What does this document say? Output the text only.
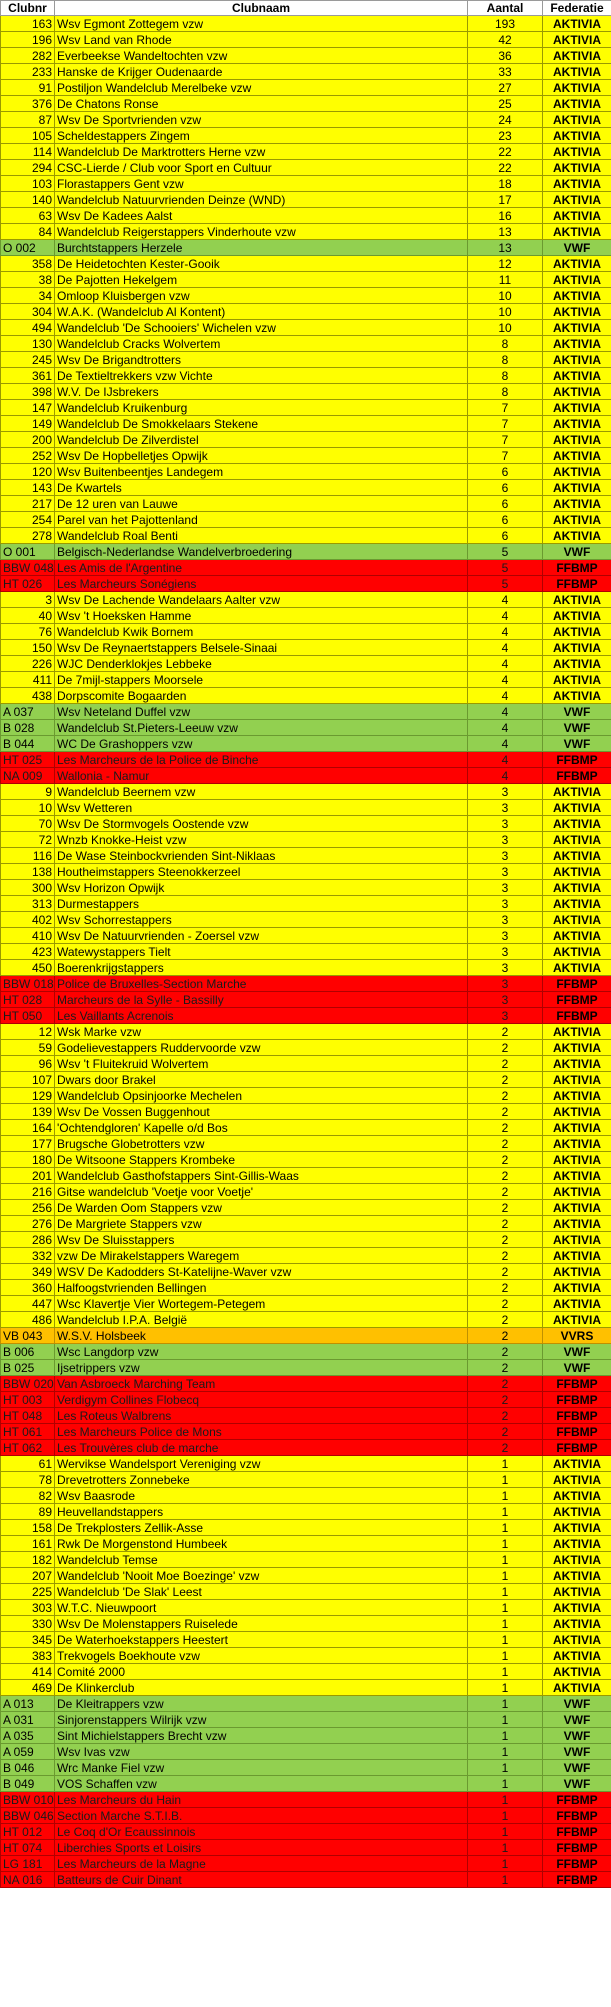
Clubnr	Clubnaam	Aantal	Federatie
163	Wsv Egmont Zottegem vzw	193	AKTIVIA
196	Wsv Land van Rhode	42	AKTIVIA
282	Everbeekse Wandeltochten vzw	36	AKTIVIA
233	Hanske de Krijger Oudenaarde	33	AKTIVIA
91	Postiljon Wandelclub Merelbeke vzw	27	AKTIVIA
376	De Chatons Ronse	25	AKTIVIA
87	Wsv De Sportvrienden vzw	24	AKTIVIA
105	Scheldestappers Zingem	23	AKTIVIA
114	Wandelclub De Marktrotters Herne vzw	22	AKTIVIA
294	CSC-Lierde / Club voor Sport en Cultuur	22	AKTIVIA
103	Florastappers Gent vzw	18	AKTIVIA
140	Wandelclub Natuurvrienden Deinze (WND)	17	AKTIVIA
63	Wsv De Kadees Aalst	16	AKTIVIA
84	Wandelclub Reigerstappers Vinderhoute vzw	13	AKTIVIA
O 002	Burchtstappers Herzele	13	VWF
358	De Heidetochten Kester-Gooik	12	AKTIVIA
38	De Pajotten Hekelgem	11	AKTIVIA
34	Omloop Kluisbergen vzw	10	AKTIVIA
304	W.A.K. (Wandelclub Al Kontent)	10	AKTIVIA
494	Wandelclub 'De Schooiers' Wichelen vzw	10	AKTIVIA
130	Wandelclub Cracks Wolvertem	8	AKTIVIA
245	Wsv De Brigandtrotters	8	AKTIVIA
361	De Textieltrekkers vzw Vichte	8	AKTIVIA
398	W.V. De IJsbrekers	8	AKTIVIA
147	Wandelclub Kruikenburg	7	AKTIVIA
149	Wandelclub De Smokkelaars Stekene	7	AKTIVIA
200	Wandelclub De Zilverdistel	7	AKTIVIA
252	Wsv De Hopbelletjes Opwijk	7	AKTIVIA
120	Wsv Buitenbeentjes Landegem	6	AKTIVIA
143	De Kwartels	6	AKTIVIA
217	De 12 uren van Lauwe	6	AKTIVIA
254	Parel van het Pajottenland	6	AKTIVIA
278	Wandelclub Roal Benti	6	AKTIVIA
O 001	Belgisch-Nederlandse Wandelverbroedering	5	VWF
BBW 048	Les Amis de l'Argentine	5	FFBMP
HT 026	Les Marcheurs Sonégiens	5	FFBMP
3	Wsv De Lachende Wandelaars Aalter vzw	4	AKTIVIA
40	Wsv 't Hoeksken Hamme	4	AKTIVIA
76	Wandelclub Kwik Bornem	4	AKTIVIA
150	Wsv De Reynaertstappers Belsele-Sinaai	4	AKTIVIA
226	WJC Denderklokjes Lebbeke	4	AKTIVIA
411	De 7mijl-stappers Moorsele	4	AKTIVIA
438	Dorpscomite Bogaarden	4	AKTIVIA
A 037	Wsv Neteland Duffel vzw	4	VWF
B 028	Wandelclub St.Pieters-Leeuw vzw	4	VWF
B 044	WC De Grashoppers vzw	4	VWF
HT 025	Les Marcheurs de la Police de Binche	4	FFBMP
NA 009	Wallonia - Namur	4	FFBMP
9	Wandelclub Beernem vzw	3	AKTIVIA
10	Wsv Wetteren	3	AKTIVIA
70	Wsv De Stormvogels Oostende vzw	3	AKTIVIA
72	Wnzb Knokke-Heist vzw	3	AKTIVIA
116	De Wase Steinbockvrienden Sint-Niklaas	3	AKTIVIA
138	Houtheimstappers Steenokkerzeel	3	AKTIVIA
300	Wsv Horizon Opwijk	3	AKTIVIA
313	Durmestappers	3	AKTIVIA
402	Wsv Schorrestappers	3	AKTIVIA
410	Wsv De Natuurvrienden - Zoersel vzw	3	AKTIVIA
423	Watewystappers Tielt	3	AKTIVIA
450	Boerenkrijgstappers	3	AKTIVIA
BBW 018	Police de Bruxelles-Section Marche	3	FFBMP
HT 028	Marcheurs de la Sylle - Bassilly	3	FFBMP
HT 050	Les Vaillants Acrenois	3	FFBMP
12	Wsk Marke vzw	2	AKTIVIA
59	Godelievestappers Ruddervoorde vzw	2	AKTIVIA
96	Wsv 't Fluitekruid Wolvertem	2	AKTIVIA
107	Dwars door Brakel	2	AKTIVIA
129	Wandelclub Opsinjoorke Mechelen	2	AKTIVIA
139	Wsv De Vossen Buggenhout	2	AKTIVIA
164	'Ochtendgloren' Kapelle o/d Bos	2	AKTIVIA
177	Brugsche Globetrotters vzw	2	AKTIVIA
180	De Witsoone Stappers Krombeke	2	AKTIVIA
201	Wandelclub Gasthofstappers Sint-Gillis-Waas	2	AKTIVIA
216	Gitse wandelclub 'Voetje voor Voetje'	2	AKTIVIA
256	De Warden Oom Stappers vzw	2	AKTIVIA
276	De Margriete Stappers vzw	2	AKTIVIA
286	Wsv De Sluisstappers	2	AKTIVIA
332	vzw De Mirakelstappers Waregem	2	AKTIVIA
349	WSV De Kadodders St-Katelijne-Waver vzw	2	AKTIVIA
360	Halfoogstvrienden Bellingen	2	AKTIVIA
447	Wsc Klavertje Vier Wortegem-Petegem	2	AKTIVIA
486	Wandelclub I.P.A. België	2	AKTIVIA
VB 043	W.S.V. Holsbeek	2	VVRS
B 006	Wsc Langdorp vzw	2	VWF
B 025	Ijsetrippers vzw	2	VWF
BBW 020	Van Asbroeck Marching Team	2	FFBMP
HT 003	Verdigym Collines Flobecq	2	FFBMP
HT 048	Les Roteus Walbrens	2	FFBMP
HT 061	Les Marcheurs Police de Mons	2	FFBMP
HT 062	Les Trouvères club de marche	2	FFBMP
61	Wervikse Wandelsport Vereniging vzw	1	AKTIVIA
78	Drevetrotters Zonnebeke	1	AKTIVIA
82	Wsv Baasrode	1	AKTIVIA
89	Heuvellandstappers	1	AKTIVIA
158	De Trekplosters Zellik-Asse	1	AKTIVIA
161	Rwk De Morgenstond Humbeek	1	AKTIVIA
182	Wandelclub Temse	1	AKTIVIA
207	Wandelclub 'Nooit Moe Boezinge' vzw	1	AKTIVIA
225	Wandelclub 'De Slak' Leest	1	AKTIVIA
303	W.T.C. Nieuwpoort	1	AKTIVIA
330	Wsv De Molenstappers Ruiselede	1	AKTIVIA
345	De Waterhoekstappers Heestert	1	AKTIVIA
383	Trekvogels Boekhoute vzw	1	AKTIVIA
414	Comité 2000	1	AKTIVIA
469	De Klinkerclub	1	AKTIVIA
A 013	De Kleitrappers vzw	1	VWF
A 031	Sinjorenstappers Wilrijk vzw	1	VWF
A 035	Sint Michielstappers Brecht vzw	1	VWF
A 059	Wsv Ivas vzw	1	VWF
B 046	Wrc Manke Fiel vzw	1	VWF
B 049	VOS Schaffen vzw	1	VWF
BBW 010	Les Marcheurs du Hain	1	FFBMP
BBW 046	Section Marche S.T.I.B.	1	FFBMP
HT 012	Le Coq d'Or Ecaussinnois	1	FFBMP
HT 074	Liberchies Sports et Loisirs	1	FFBMP
LG 181	Les Marcheurs de la Magne	1	FFBMP
NA 016	Batteurs de Cuir Dinant	1	FFBMP
